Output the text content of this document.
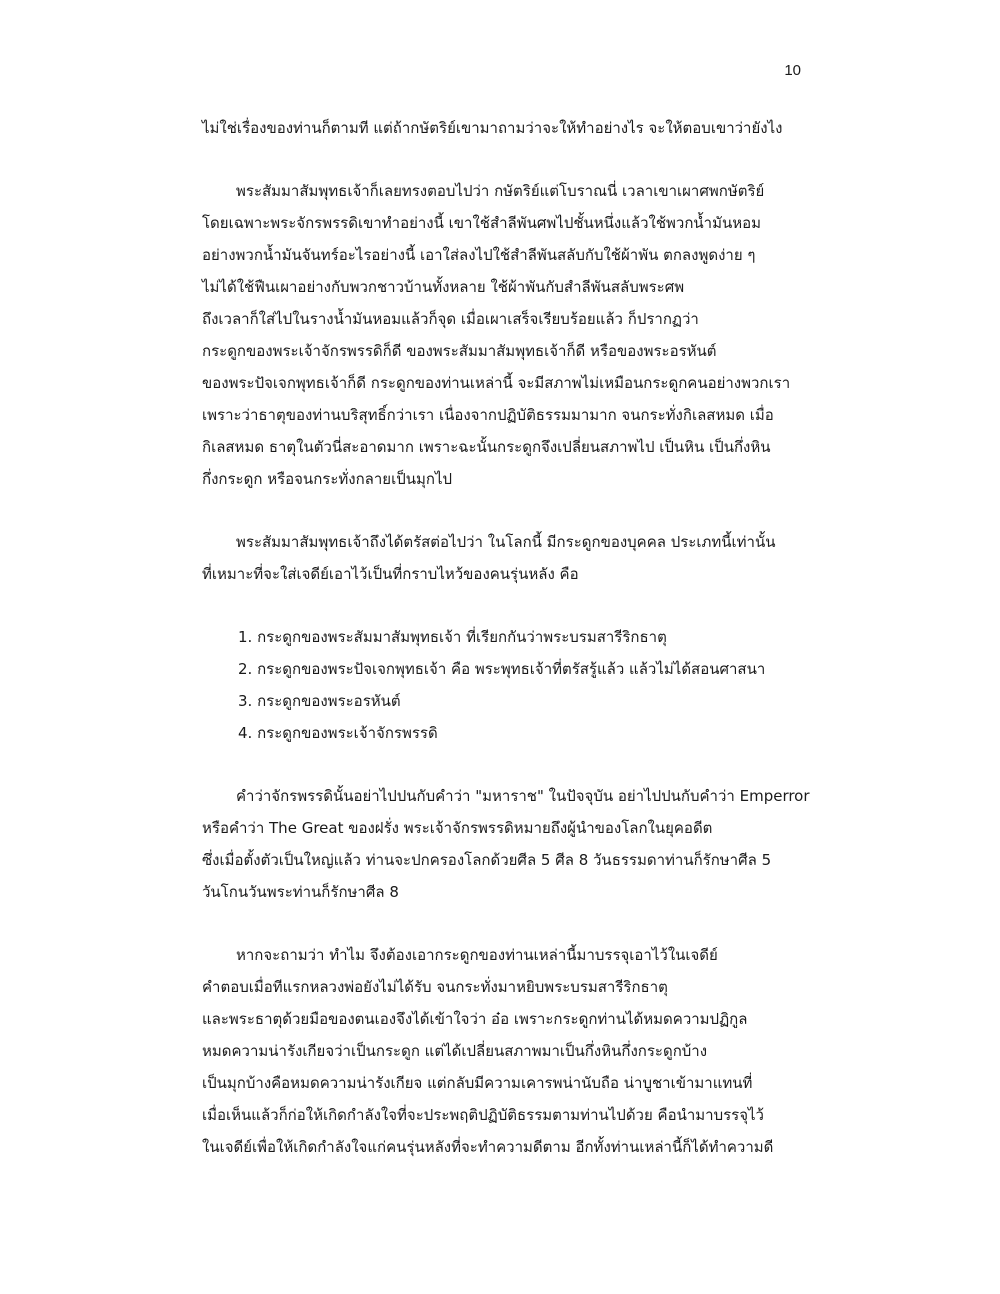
10
ไม่ใช่เรื่องของท่านก็ตามที แต่ถ้ากษัตริย์เขามาถามว่าจะให้ทำอย่างไร จะให้ตอบเขาว่ายังไง
พระสัมมาสัมพุทธเจ้าก็เลยทรงตอบไปว่า กษัตริย์แต่โบราณนี่ เวลาเขาเผาศพกษัตริย์
โดยเฉพาะพระจักรพรรดิเขาทำอย่างนี้ เขาใช้สำลีพันศพไปชั้นหนึ่งแล้วใช้พวกน้ำมันหอม
อย่างพวกน้ำมันจันทร์อะไรอย่างนี้ เอาใส่ลงไปใช้สำลีพันสลับกับใช้ผ้าพัน ตกลงพูดง่าย ๆ
ไม่ได้ใช้ฟืนเผาอย่างกับพวกชาวบ้านทั้งหลาย ใช้ผ้าพันกับสำลีพันสลับพระศพ
ถึงเวลาก็ใส่ไปในรางน้ำมันหอมแล้วก็จุด เมื่อเผาเสร็จเรียบร้อยแล้ว ก็ปรากฏว่า
กระดูกของพระเจ้าจักรพรรดิก็ดี ของพระสัมมาสัมพุทธเจ้าก็ดี หรือของพระอรหันต์
ของพระปัจเจกพุทธเจ้าก็ดี กระดูกของท่านเหล่านี้ จะมีสภาพไม่เหมือนกระดูกคนอย่างพวกเรา
เพราะว่าธาตุของท่านบริสุทธิ์กว่าเรา เนื่องจากปฏิบัติธรรมมามาก จนกระทั่งกิเลสหมด เมื่อ
กิเลสหมด ธาตุในตัวนี่สะอาดมาก เพราะฉะนั้นกระดูกจึงเปลี่ยนสภาพไป เป็นหิน เป็นกึ่งหิน
กึ่งกระดูก หรือจนกระทั่งกลายเป็นมุกไป
พระสัมมาสัมพุทธเจ้าถึงได้ตรัสต่อไปว่า ในโลกนี้ มีกระดูกของบุคคล ประเภทนี้เท่านั้น
ที่เหมาะที่จะใส่เจดีย์เอาไว้เป็นที่กราบไหว้ของคนรุ่นหลัง คือ
1. กระดูกของพระสัมมาสัมพุทธเจ้า ที่เรียกกันว่าพระบรมสารีริกธาตุ
2. กระดูกของพระปัจเจกพุทธเจ้า คือ พระพุทธเจ้าที่ตรัสรู้แล้ว แล้วไม่ได้สอนศาสนา
3. กระดูกของพระอรหันต์
4. กระดูกของพระเจ้าจักรพรรดิ
คำว่าจักรพรรดินั้นอย่าไปปนกับคำว่า "มหาราช" ในปัจจุบัน อย่าไปปนกับคำว่า Emperror
หรือคำว่า The Great ของฝรั่ง พระเจ้าจักรพรรดิหมายถึงผู้นำของโลกในยุคอดีต
ซึ่งเมื่อตั้งตัวเป็นใหญ่แล้ว ท่านจะปกครองโลกด้วยศีล 5 ศีล 8 วันธรรมดาท่านก็รักษาศีล 5
วันโกนวันพระท่านก็รักษาศีล 8
หากจะถามว่า ทำไม จึงต้องเอากระดูกของท่านเหล่านี้มาบรรจุเอาไว้ในเจดีย์
คำตอบเมื่อทีแรกหลวงพ่อยังไม่ได้รับ จนกระทั่งมาหยิบพระบรมสารีริกธาตุ
และพระธาตุด้วยมือของตนเองจึงได้เข้าใจว่า อ๋อ เพราะกระดูกท่านได้หมดความปฏิกูล
หมดความน่ารังเกียจว่าเป็นกระดูก แต่ได้เปลี่ยนสภาพมาเป็นกึ่งหินกึ่งกระดูกบ้าง
เป็นมุกบ้างคือหมดความน่ารังเกียจ แต่กลับมีความเคารพน่านับถือ น่าบูชาเข้ามาแทนที่
เมื่อเห็นแล้วก็ก่อให้เกิดกำลังใจที่จะประพฤติปฏิบัติธรรมตามท่านไปด้วย คือนำมาบรรจุไว้
ในเจดีย์เพื่อให้เกิดกำลังใจแก่คนรุ่นหลังที่จะทำความดีตาม อีกทั้งท่านเหล่านี้ก็ได้ทำความดี
